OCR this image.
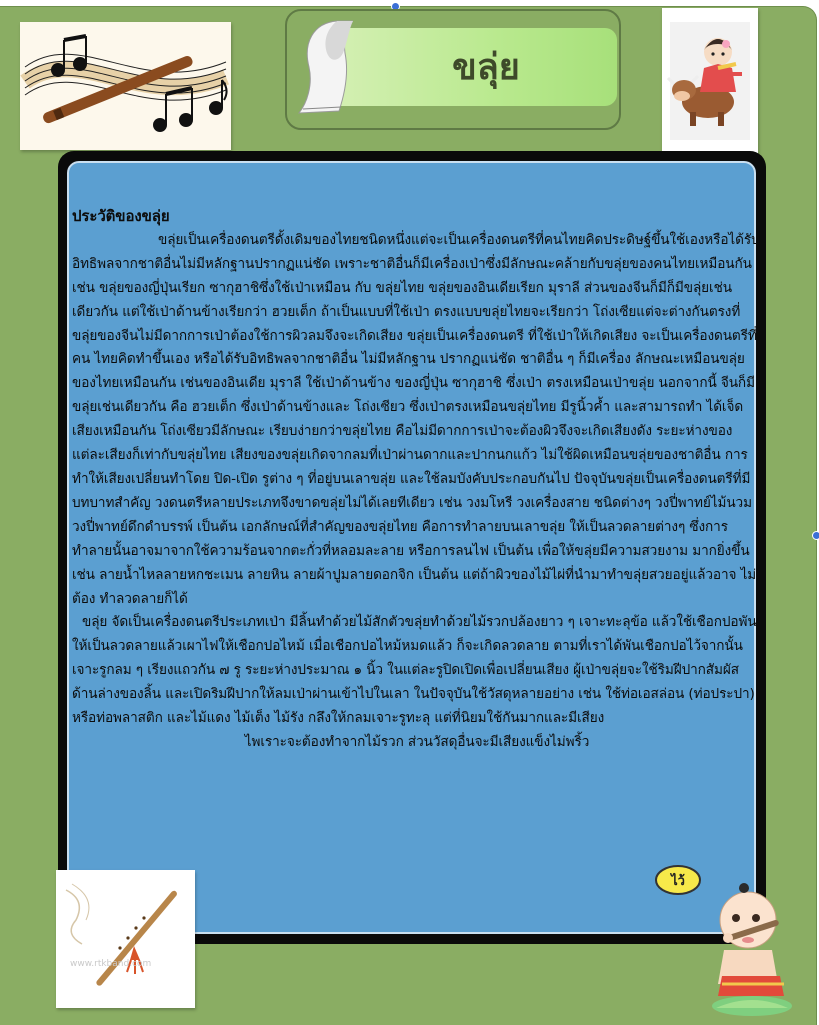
ขลุ่ย

ประวัติของขลุ่ย

ขลุ่ยเป็นเครื่องดนตรีดั้งเดิมของไทยชนิดหนึ่งแต่จะเป็นเครื่องดนตรีที่คนไทยคิดประดิษฐ์ขึ้นใช้เองหรือได้รับอิทธิพลจากชาติอื่นไม่มีหลักฐานปรากฏแน่ชัด เพราะชาติอื่นก็มีเครื่องเป่าซึ่งมีลักษณะคล้ายกับขลุ่ยของคนไทยเหมือนกัน เช่น ขลุ่ยของญี่ปุ่นเรียก ซากุฮาชิซึ่งใช้เป่าเหมือน กับ ขลุ่ยไทย ขลุ่ยของอินเดียเรียก มุราลี ส่วนของจีนก็มีก็มีขลุ่ยเช่นเดียวกัน แต่ใช้เป่าด้านข้างเรียกว่า ฮวยเต็ก ถ้าเป็นแบบที่ใช้เป่า ตรงแบบขลุ่ยไทยจะเรียกว่า โถ่งเซียแต่จะต่างกันตรงที่ขลุ่ยของจีนไม่มีดากการเป่าต้องใช้การผิวลมจึงจะเกิดเสียง ขลุ่ยเป็นเครื่องดนตรี ที่ใช้เป่าให้เกิดเสียง จะเป็นเครื่องดนตรีที่คน ไทยคิดทำขึ้นเอง หรือได้รับอิทธิพลจากชาติอื่น ไม่มีหลักฐาน ปรากฏแน่ชัด ชาติอื่น ๆ ก็มีเครื่อง ลักษณะเหมือนขลุ่ยของไทยเหมือนกัน เช่นของอินเดีย มุราลี ใช้เป่าด้านข้าง ของญี่ปุ่น ซากุฮาชิ ซึ่งเป่า ตรงเหมือนเป่าขลุ่ย นอกจากนี้ จีนก็มีขลุ่ยเช่นเดียวกัน คือ ฮวยเต็ก ซึ่งเป่าด้านข้างและ โถ่งเซียว ซึ่งเป่าตรงเหมือนขลุ่ยไทย มีรูนิ้วค้ำ และสามารถทำ ได้เจ็ดเสียงเหมือนกัน โถ่งเซียวมีลักษณะ เรียบง่ายกว่าขลุ่ยไทย คือไม่มีดากการเป่าจะต้องผิวจึงจะเกิดเสียงดัง ระยะห่างของแต่ละเสียงก็เท่ากับขลุ่ยไทย เสียงของขลุ่ยเกิดจากลมที่เป่าผ่านดากและปากนกแก้ว ไม่ใช้ผิดเหมือนขลุ่ยของชาติอื่น การทำให้เสียงเปลี่ยนทำโดย ปิด-เปิด รูต่าง ๆ ที่อยู่บนเลาขลุ่ย และใช้ลมบังคับประกอบกันไป ปัจจุบันขลุ่ยเป็นเครื่องดนตรีที่มีบทบาทสำคัญ วงดนตรีหลายประเภทจึงขาดขลุ่ยไม่ได้เลยทีเดียว เช่น วงมโหรี วงเครื่องสาย ชนิดต่างๆ วงปี่พาทย์ไม้นวม วงปี่พาทย์ดึกดำบรรพ์ เป็นต้น เอกลักษณ์ที่สำคัญของขลุ่ยไทย คือการทำลายบนเลาขลุ่ย ให้เป็นลวดลายต่างๆ ซึ่งการทำลายนั้นอาจมาจากใช้ความร้อนจากตะกั่วที่หลอมละลาย หรือการลนไฟ เป็นต้น เพื่อให้ขลุ่ยมีความสวยงาม มากยิ่งขึ้น เช่น ลายน้ำไหลลายหกชะเมน ลายหิน ลายผ้าปูมลายดอกจิก เป็นต้น แต่ถ้าผิวของไม้ไผ่ที่นำมาทำขลุ่ยสวยอยู่แล้วอาจ ไม่ต้อง ทำลวดลายก็ได้

ขลุ่ย จัดเป็นเครื่องดนตรีประเภทเป่า มีลิ้นทำด้วยไม้สักตัวขลุ่ยทำด้วยไม้รวกปล้องยาว ๆ เจาะทะลุข้อ แล้วใช้เชือกปอพันให้เป็นลวดลายแล้วเผาไฟให้เชือกปอไหม้ เมื่อเชือกปอไหม้หมดแล้ว ก็จะเกิดลวดลาย ตามที่เราได้พันเชือกปอไว้จากนั้นเจาะรูกลม ๆ เรียงแถวกัน ๗ รู ระยะห่างประมาณ ๑ นิ้ว ในแต่ละรูปิดเปิดเพื่อเปลี่ยนเสียง ผู้เป่าขลุ่ยจะใช้ริมฝีปากสัมผัสด้านล่างของลิ้น และเปิดริมฝีปากให้ลมเป่าผ่านเข้าไปในเลา ในปัจจุบันใช้วัสดุหลายอย่าง เช่น ใช้ท่อเอสล่อน (ท่อประปา) หรือท่อพลาสติก และไม้แดง ไม้เต็ง ไม้รัง กลึงให้กลมเจาะรูทะลุ แต่ที่นิยมใช้กันมากและมีเสียง

ไพเราะจะต้องทำจากไม้รวก ส่วนวัสดุอื่นจะมีเสียงแข็งไม่พริ้ว

www.rtkband.com
ไว้
